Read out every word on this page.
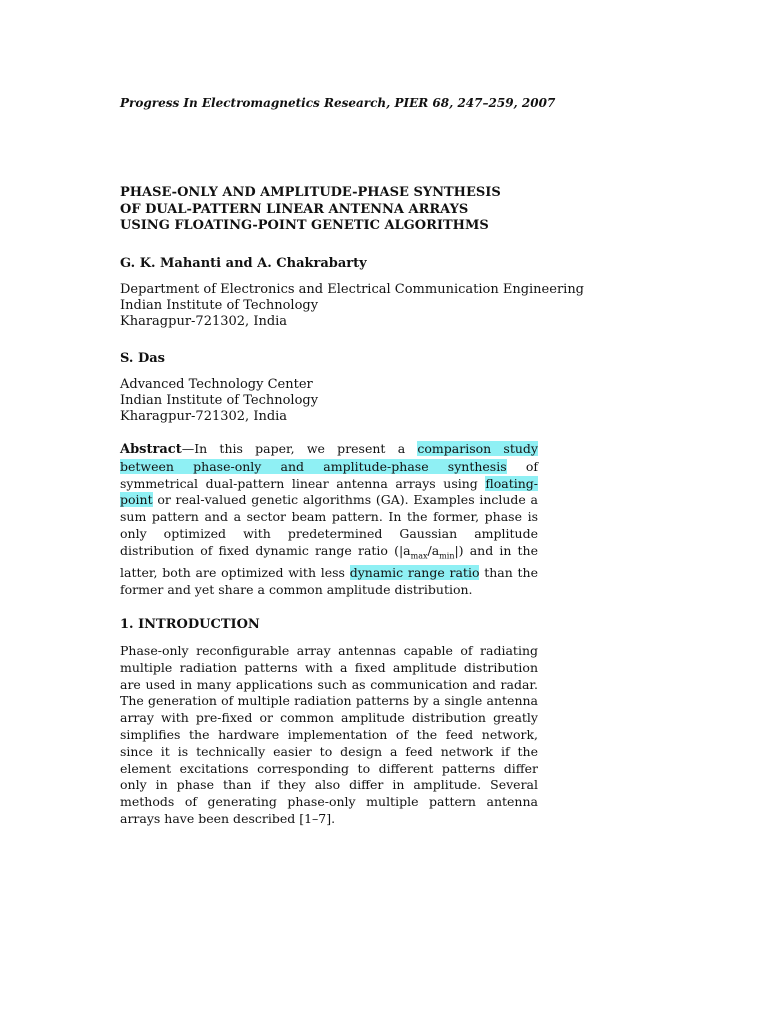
Progress In Electromagnetics Research, PIER 68, 247–259, 2007
PHASE-ONLY AND AMPLITUDE-PHASE SYNTHESIS
OF DUAL-PATTERN LINEAR ANTENNA ARRAYS
USING FLOATING-POINT GENETIC ALGORITHMS
G. K. Mahanti and A. Chakrabarty
Department of Electronics and Electrical Communication Engineering
Indian Institute of Technology
Kharagpur-721302, India
S. Das
Advanced Technology Center
Indian Institute of Technology
Kharagpur-721302, India
Abstract—In this paper, we present a comparison study between phase-only and amplitude-phase synthesis of symmetrical dual-pattern linear antenna arrays using floating-point or real-valued genetic algorithms (GA). Examples include a sum pattern and a sector beam pattern. In the former, phase is only optimized with predetermined Gaussian amplitude distribution of fixed dynamic range ratio $(|a_{max}/a_{min}|)$ and in the latter, both are optimized with less dynamic range ratio than the former and yet share a common amplitude distribution.
1. INTRODUCTION
Phase-only reconfigurable array antennas capable of radiating multiple radiation patterns with a fixed amplitude distribution are used in many applications such as communication and radar. The generation of multiple radiation patterns by a single antenna array with pre-fixed or common amplitude distribution greatly simplifies the hardware implementation of the feed network, since it is technically easier to design a feed network if the element excitations corresponding to different patterns differ only in phase than if they also differ in amplitude. Several methods of generating phase-only multiple pattern antenna arrays have been described [1–7].
